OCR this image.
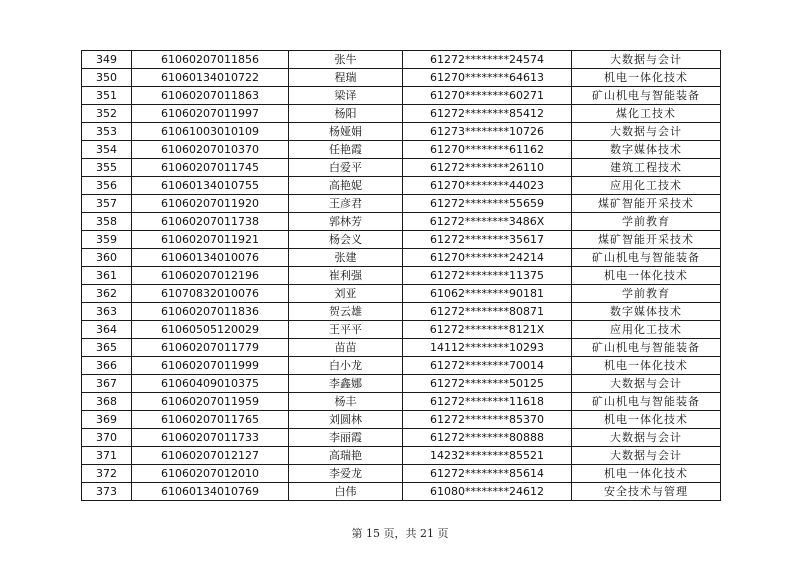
349	61060207011856	张牛	61272********24574	大数据与会计
350	61060134010722	程瑞	61270********64613	机电一体化技术
351	61060207011863	梁译	61270********60271	矿山机电与智能装备
352	61060207011997	杨阳	61272********85412	煤化工技术
353	61061003010109	杨娅娟	61273********10726	大数据与会计
354	61060207010370	任艳霞	61270********61162	数字媒体技术
355	61060207011745	白爱平	61272********26110	建筑工程技术
356	61060134010755	高艳妮	61270********44023	应用化工技术
357	61060207011920	王彦君	61272********55659	煤矿智能开采技术
358	61060207011738	郭林芳	61272********3486X	学前教育
359	61060207011921	杨会义	61272********35617	煤矿智能开采技术
360	61060134010076	张建	61270********24214	矿山机电与智能装备
361	61060207012196	崔利强	61272********11375	机电一体化技术
362	61070832010076	刘亚	61062********90181	学前教育
363	61060207011836	贺云雄	61272********80871	数字媒体技术
364	61060505120029	王平平	61272********8121X	应用化工技术
365	61060207011779	苗苗	14112********10293	矿山机电与智能装备
366	61060207011999	白小龙	61272********70014	机电一体化技术
367	61060409010375	李鑫娜	61272********50125	大数据与会计
368	61060207011959	杨丰	61272********11618	矿山机电与智能装备
369	61060207011765	刘圆林	61272********85370	机电一体化技术
370	61060207011733	李丽霞	61272********80888	大数据与会计
371	61060207012127	高瑞艳	14232********85521	大数据与会计
372	61060207012010	李爱龙	61272********85614	机电一体化技术
373	61060134010769	白伟	61080********24612	安全技术与管理
第 15 页，共 21 页
